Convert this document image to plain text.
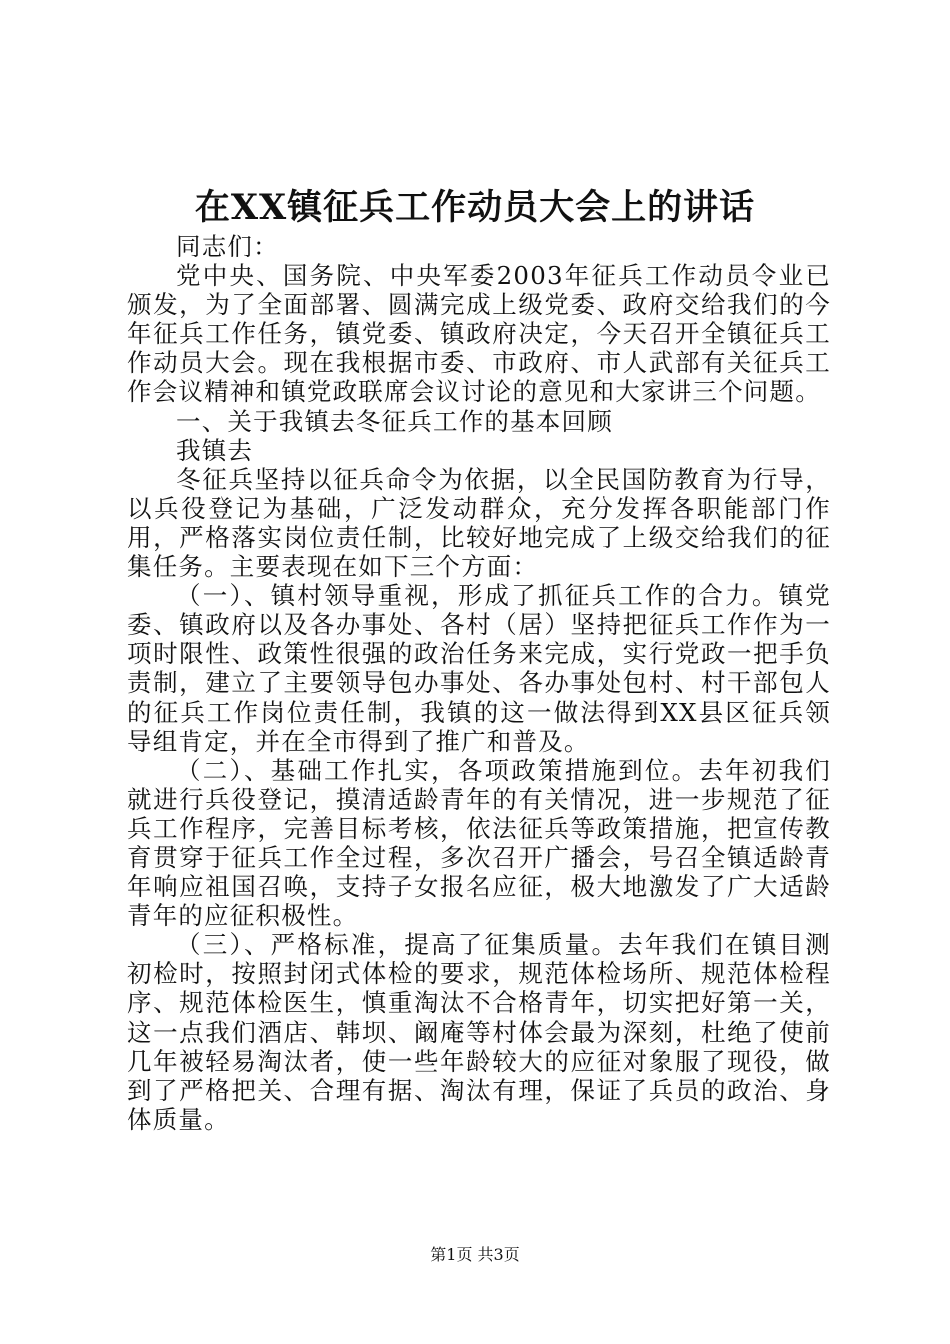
在XX镇征兵工作动员大会上的讲话

同志们：

党中央、国务院、中央军委2003年征兵工作动员令业已颁发，为了全面部署、圆满完成上级党委、政府交给我们的今年征兵工作任务，镇党委、镇政府决定，今天召开全镇征兵工作动员大会。现在我根据市委、市政府、市人武部有关征兵工作会议精神和镇党政联席会议讨论的意见和大家讲三个问题。

一、关于我镇去冬征兵工作的基本回顾

我镇去

冬征兵坚持以征兵命令为依据，以全民国防教育为行导，以兵役登记为基础，广泛发动群众，充分发挥各职能部门作用，严格落实岗位责任制，比较好地完成了上级交给我们的征集任务。主要表现在如下三个方面：

（一）、镇村领导重视，形成了抓征兵工作的合力。镇党委、镇政府以及各办事处、各村（居）坚持把征兵工作作为一项时限性、政策性很强的政治任务来完成，实行党政一把手负责制，建立了主要领导包办事处、各办事处包村、村干部包人的征兵工作岗位责任制，我镇的这一做法得到XX县区征兵领导组肯定，并在全市得到了推广和普及。

（二）、基础工作扎实，各项政策措施到位。去年初我们就进行兵役登记，摸清适龄青年的有关情况，进一步规范了征兵工作程序，完善目标考核，依法征兵等政策措施，把宣传教育贯穿于征兵工作全过程，多次召开广播会，号召全镇适龄青年响应祖国召唤，支持子女报名应征，极大地激发了广大适龄青年的应征积极性。

（三）、严格标准，提高了征集质量。去年我们在镇目测初检时，按照封闭式体检的要求，规范体检场所、规范体检程序、规范体检医生，慎重淘汰不合格青年，切实把好第一关，这一点我们酒店、韩坝、阚庵等村体会最为深刻，杜绝了使前几年被轻易淘汰者，使一些年龄较大的应征对象服了现役，做到了严格把关、合理有据、淘汰有理，保证了兵员的政治、身体质量。

第1页 共3页
